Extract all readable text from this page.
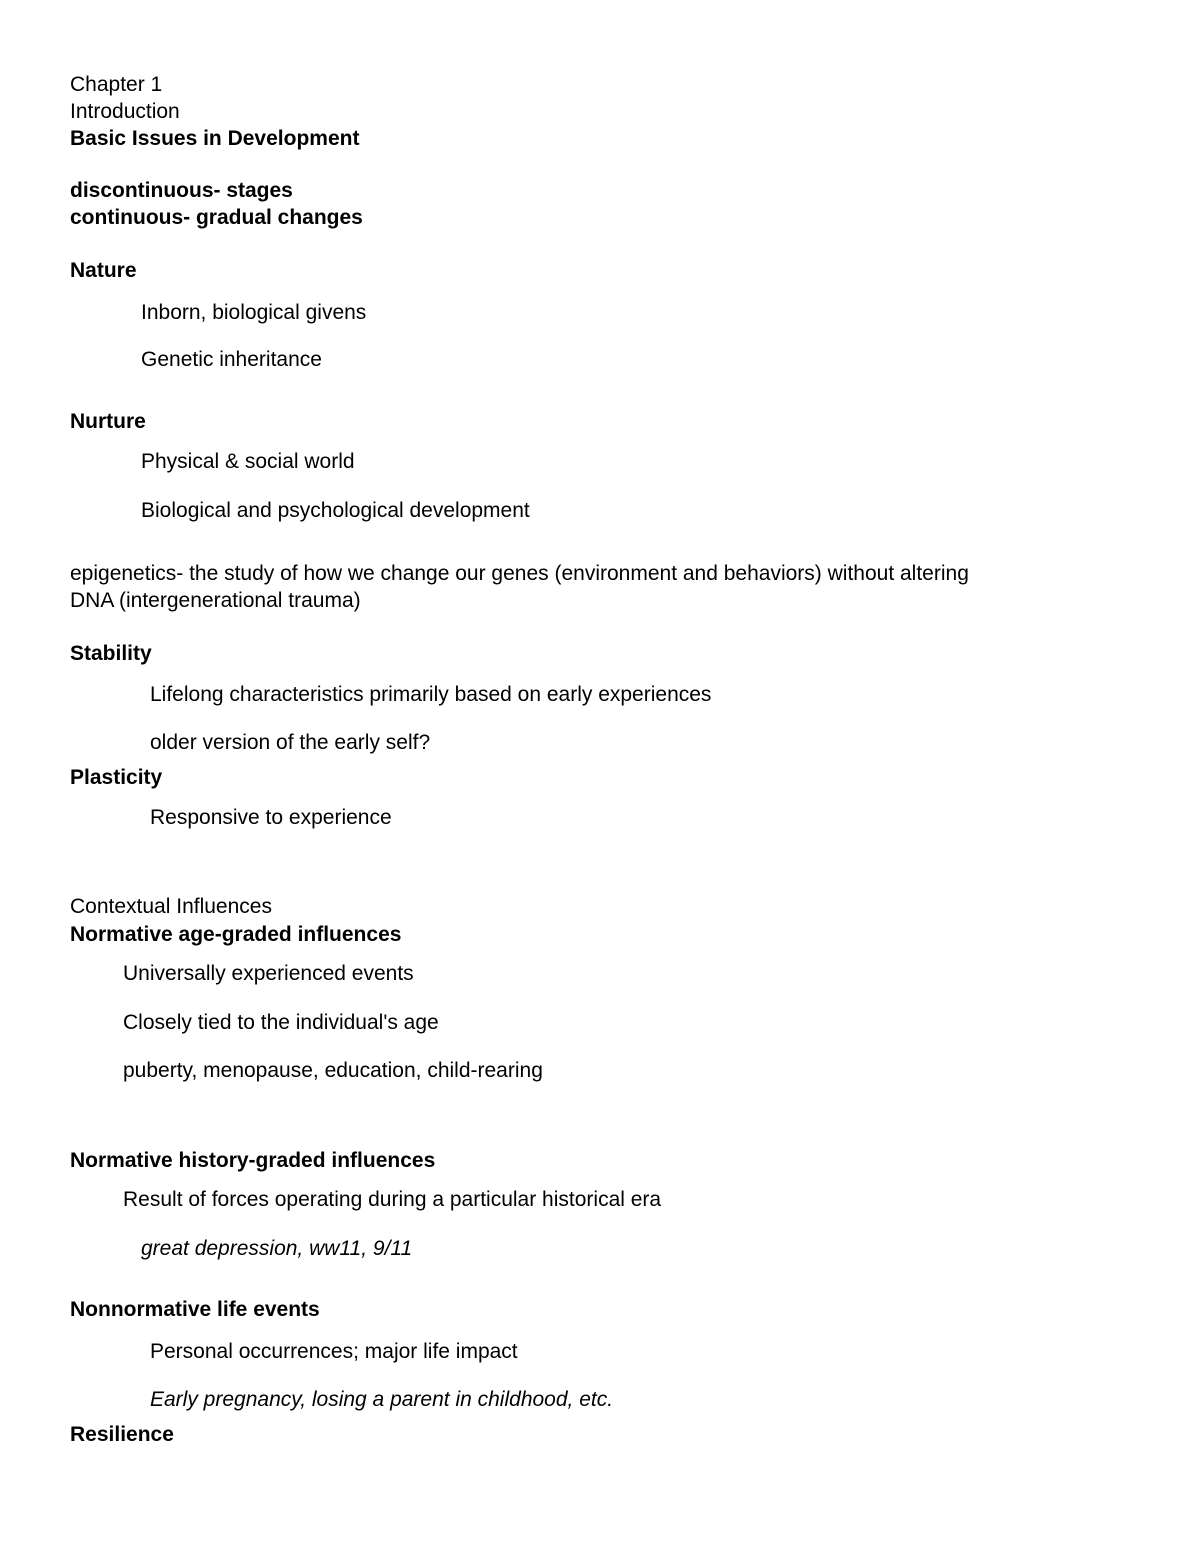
Chapter 1
Introduction
Basic Issues in Development
discontinuous- stages
continuous- gradual changes
Nature
Inborn, biological givens
Genetic inheritance
Nurture
Physical & social world
Biological and psychological development
epigenetics- the study of how we change our genes (environment and behaviors) without altering
DNA (intergenerational trauma)
Stability
Lifelong characteristics primarily based on early experiences
older version of the early self?
Plasticity
Responsive to experience
Contextual Influences
Normative age-graded influences
Universally experienced events
Closely tied to the individual's age
puberty, menopause, education, child-rearing
Normative history-graded influences
Result of forces operating during a particular historical era
great depression, ww11, 9/11
Nonnormative life events
Personal occurrences; major life impact
Early pregnancy, losing a parent in childhood, etc.
Resilience
